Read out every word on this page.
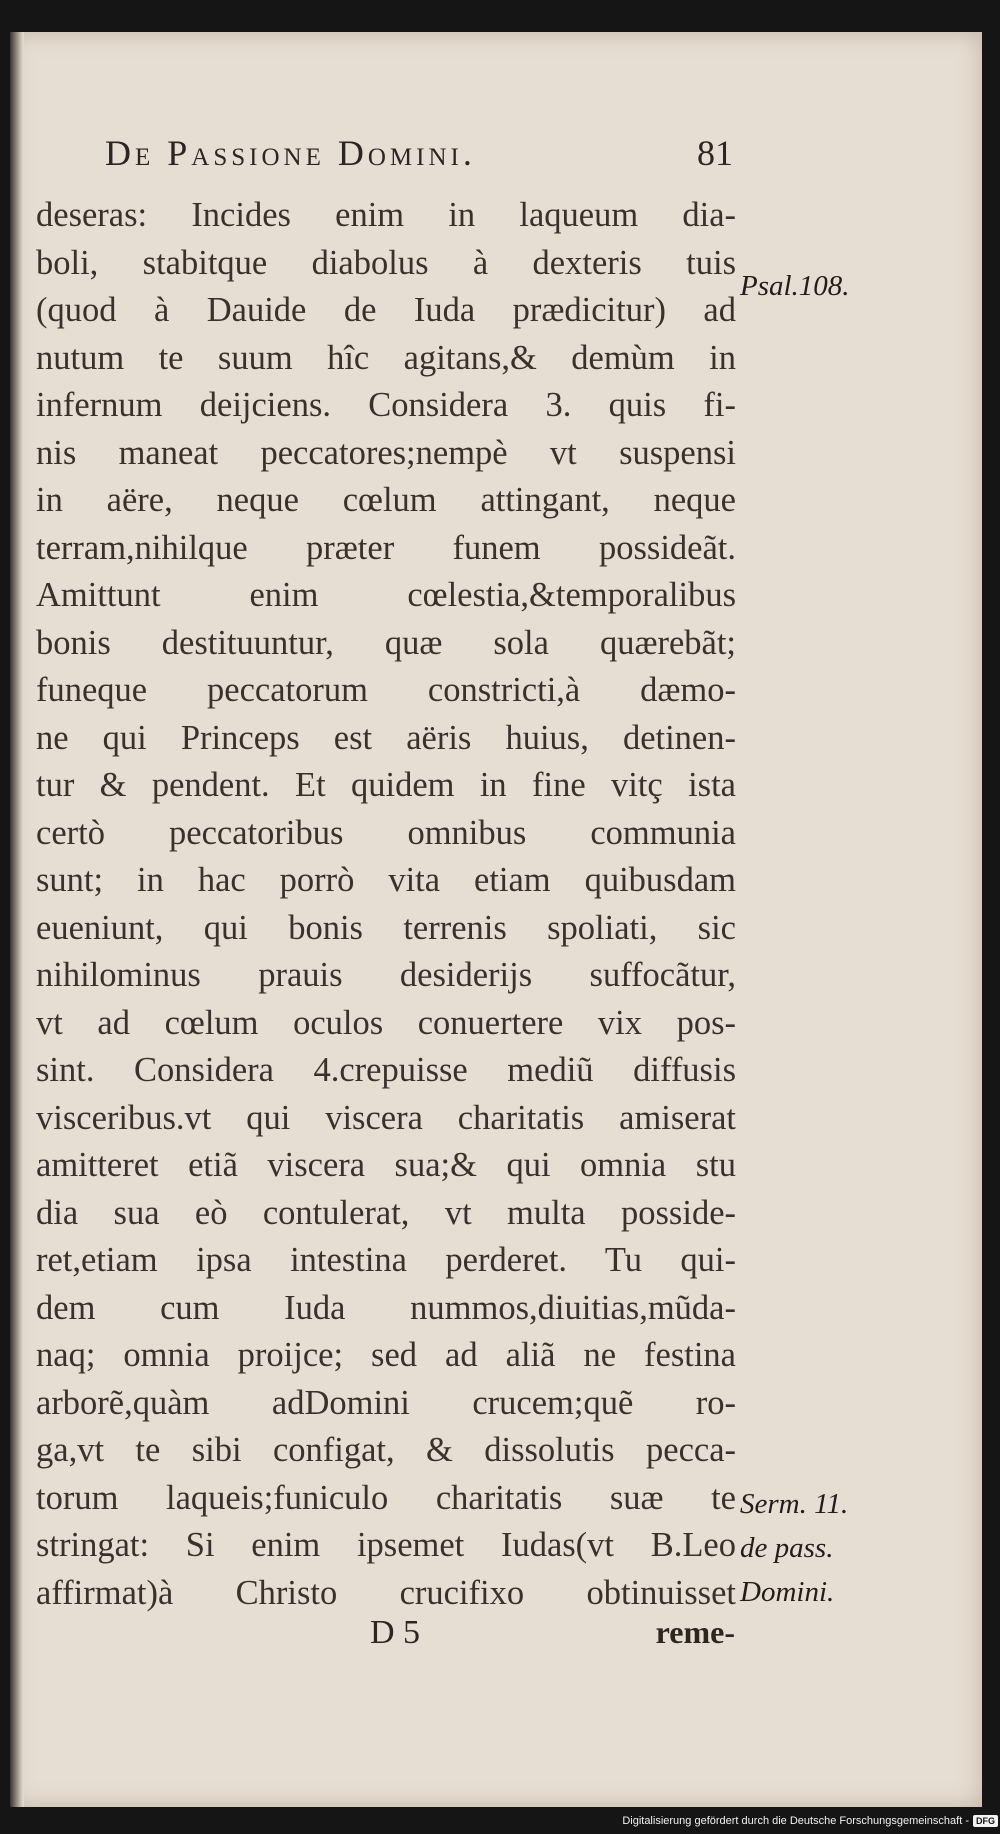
De Passione Domini.	81
deseras: Incides enim in laqueum dia-
boli, stabitque diabolus à dexteris tuis
(quod à Dauide de Iuda prædicitur) ad
nutum te suum hîc agitans,& demùm in
infernum deijciens. Considera 3. quis fi-
nis maneat peccatores;nempè vt suspensi
in aëre, neque cœlum attingant, neque
terram,nihilque præter funem possideãt.
Amittunt enim cœlestia,&temporalibus
bonis destituuntur, quæ sola quærebãt;
funeque peccatorum constricti,à dæmo-
ne qui Princeps est aëris huius, detinen-
tur & pendent. Et quidem in fine vitç ista
certò peccatoribus omnibus communia
sunt; in hac porrò vita etiam quibusdam
eueniunt, qui bonis terrenis spoliati, sic
nihilominus prauis desiderijs suffocãtur,
vt ad cœlum oculos conuertere vix pos-
sint. Considera 4.crepuisse mediũ diffusis
visceribus.vt qui viscera charitatis amiserat
amitteret etiã viscera sua;& qui omnia stu
dia sua eò contulerat, vt multa posside-
ret,etiam ipsa intestina perderet. Tu qui-
dem cum Iuda nummos,diuitias,mũda-
naq; omnia proijce; sed ad aliã ne festina
arborẽ,quàm adDomini crucem;quẽ ro-
ga,vt te sibi configat, & dissolutis pecca-
torum laqueis;funiculo charitatis suæ te
stringat: Si enim ipsemet Iudas(vt B.Leo
affirmat)à Christo crucifixo obtinuisset
Psal.108.
Serm. 11.
de pass.
Domini.
D 5	reme-
Digitalisierung gefördert durch die Deutsche Forschungsgemeinschaft - DFG
